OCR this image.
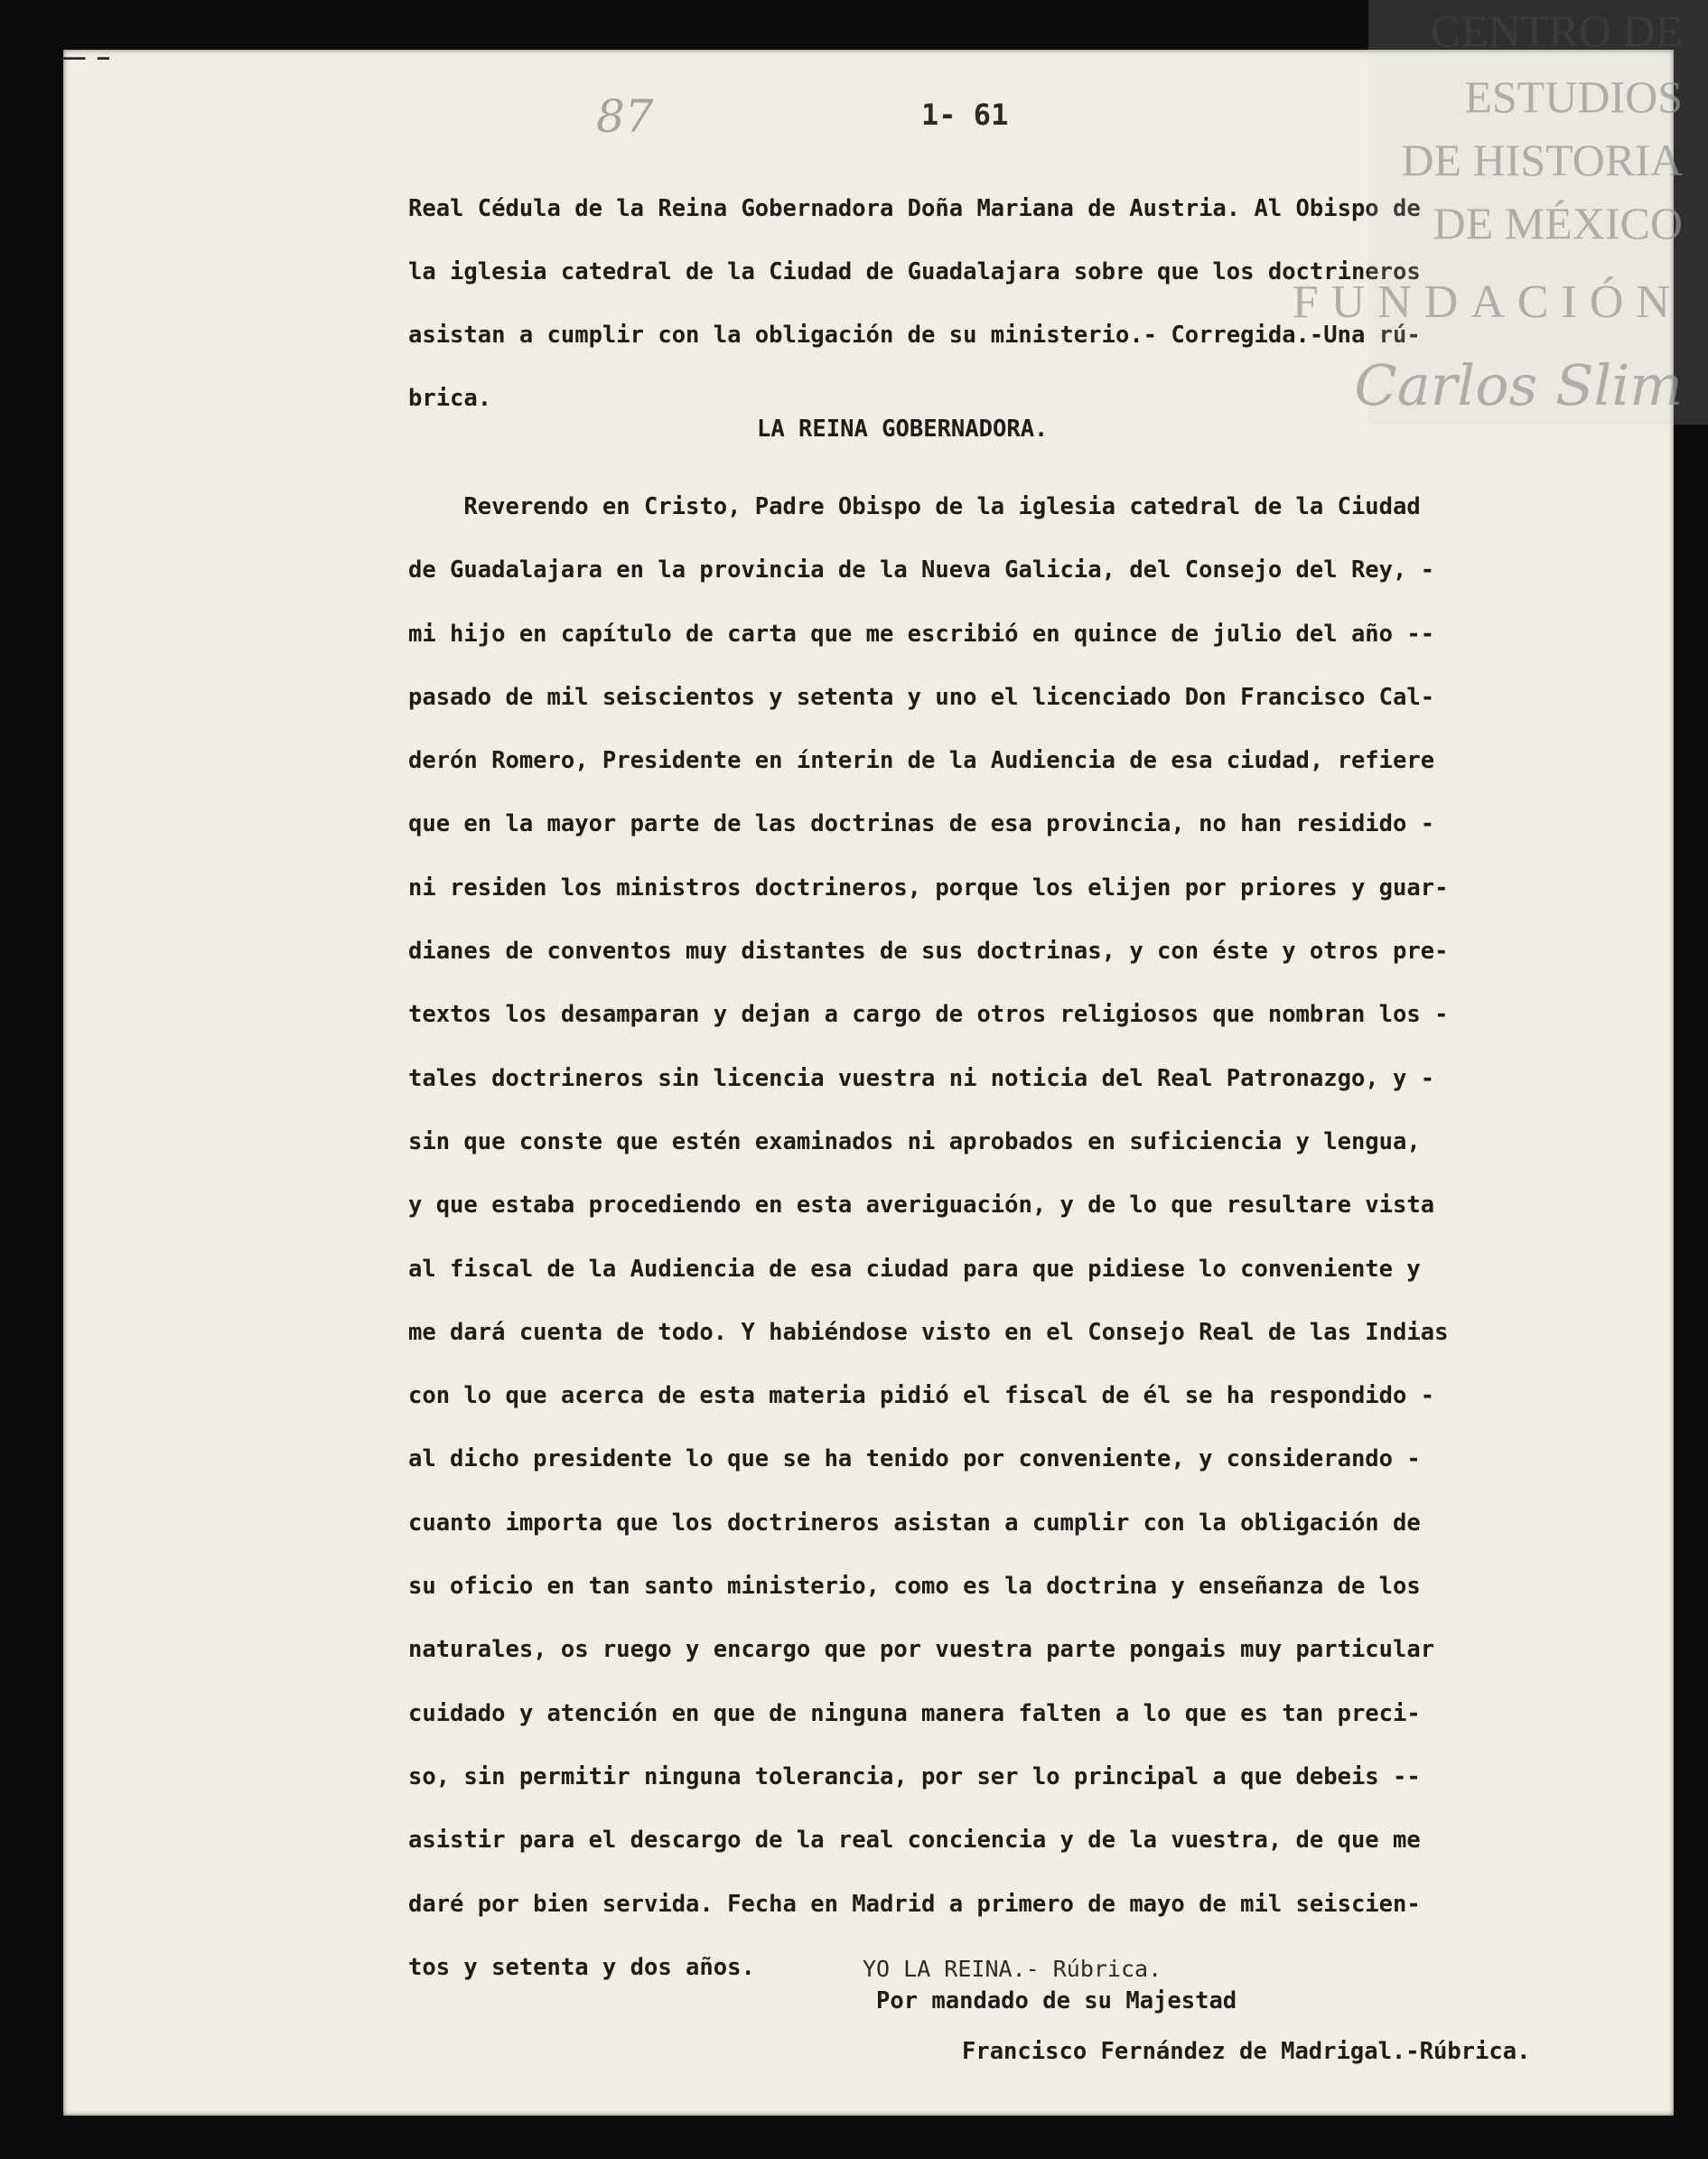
—– –
87	1- 61
Real Cédula de la Reina Gobernadora Doña Mariana de Austria. Al Obispo de
la iglesia catedral de la Ciudad de Guadalajara sobre que los doctrineros
asistan a cumplir con la obligación de su ministerio.- Corregida.-Una rú-
brica.
LA REINA GOBERNADORA.
Reverendo en Cristo, Padre Obispo de la iglesia catedral de la Ciudad
de Guadalajara en la provincia de la Nueva Galicia, del Consejo del Rey, -
mi hijo en capítulo de carta que me escribió en quince de julio del año --
pasado de mil seiscientos y setenta y uno el licenciado Don Francisco Cal-
derón Romero, Presidente en ínterin de la Audiencia de esa ciudad, refiere
que en la mayor parte de las doctrinas de esa provincia, no han residido -
ni residen los ministros doctrineros, porque los elijen por priores y guar-
dianes de conventos muy distantes de sus doctrinas, y con éste y otros pre-
textos los desamparan y dejan a cargo de otros religiosos que nombran los -
tales doctrineros sin licencia vuestra ni noticia del Real Patronazgo, y -
sin que conste que estén examinados ni aprobados en suficiencia y lengua,
y que estaba procediendo en esta averiguación, y de lo que resultare vista
al fiscal de la Audiencia de esa ciudad para que pidiese lo conveniente y
me dará cuenta de todo. Y habiéndose visto en el Consejo Real de las Indias
con lo que acerca de esta materia pidió el fiscal de él se ha respondido -
al dicho presidente lo que se ha tenido por conveniente, y considerando -
cuanto importa que los doctrineros asistan a cumplir con la obligación de
su oficio en tan santo ministerio, como es la doctrina y enseñanza de los
naturales, os ruego y encargo que por vuestra parte pongais muy particular
cuidado y atención en que de ninguna manera falten a lo que es tan preci-
so, sin permitir ninguna tolerancia, por ser lo principal a que debeis --
asistir para el descargo de la real conciencia y de la vuestra, de que me
daré por bien servida. Fecha en Madrid a primero de mayo de mil seiscien-
tos y setenta y dos años.	YO LA REINA.- Rúbrica.
Por mandado de su Majestad
Francisco Fernández de Madrigal.-Rúbrica.
CENTRO DE
ESTUDIOS
DE HISTORIA
DE MÉXICO
FUNDACIÓN
Carlos Slim
